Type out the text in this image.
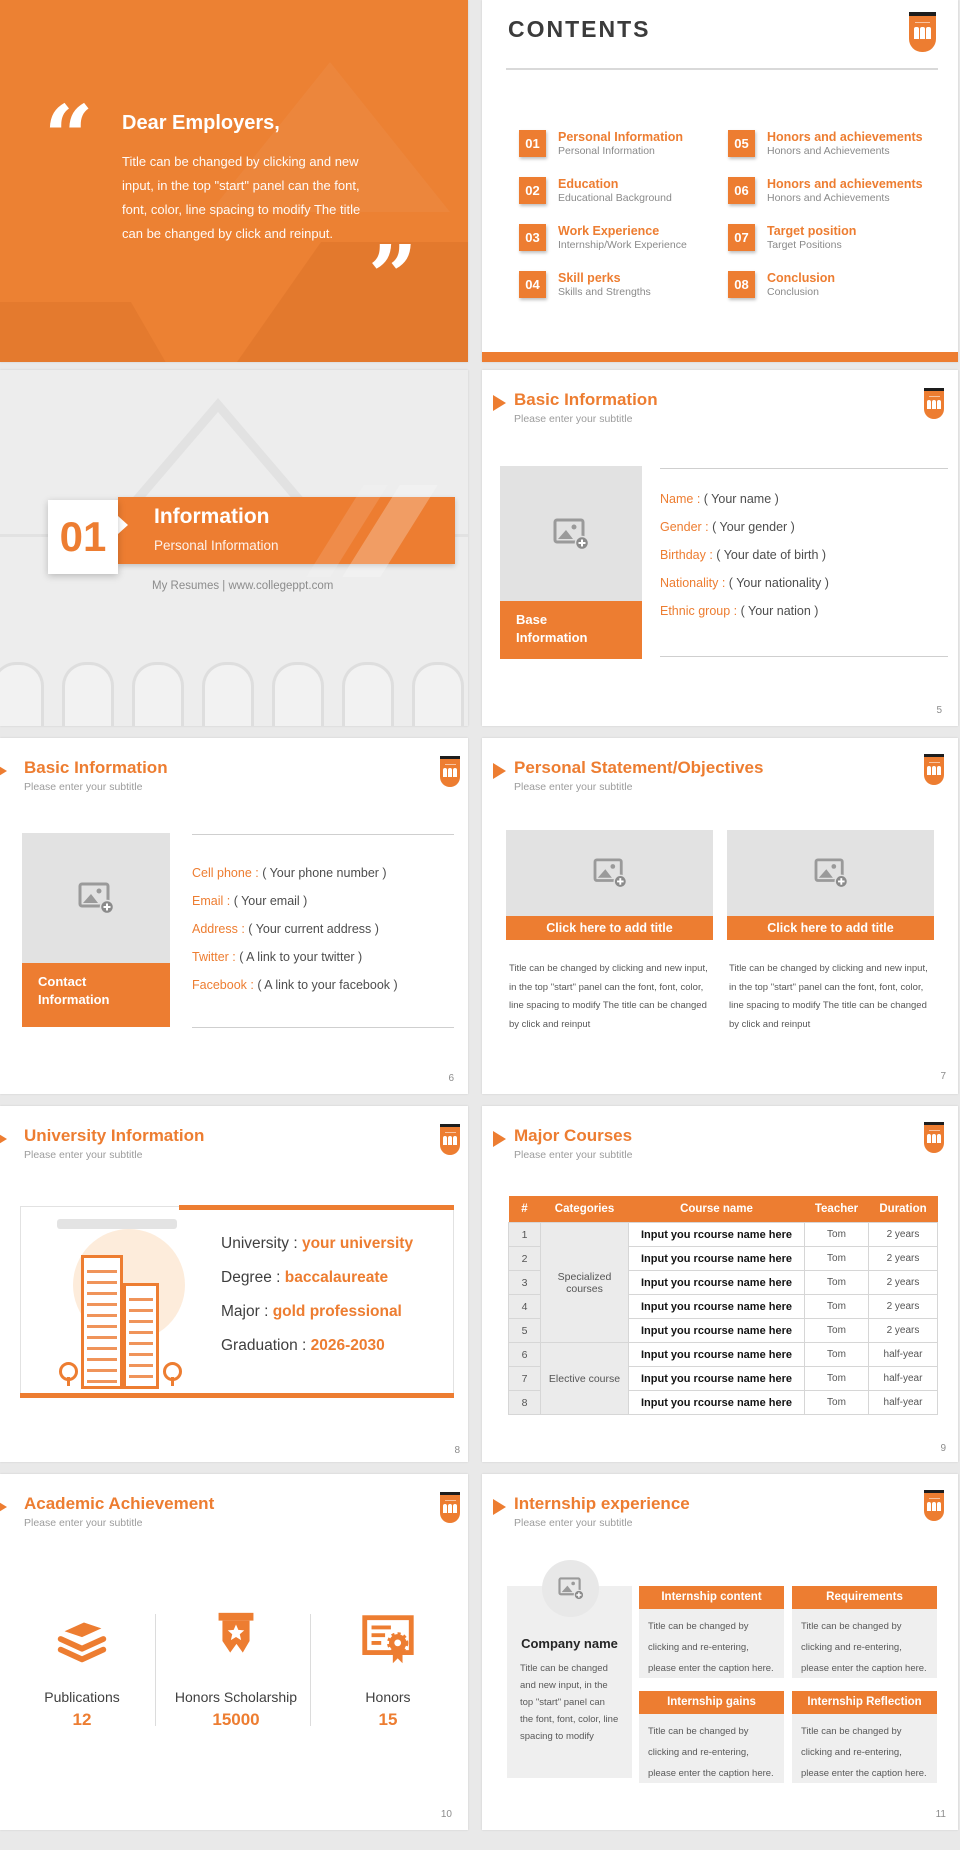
“ Dear Employers,
Title can be changed by clicking and new input, in the top "start" panel can the font, font, color, line spacing to modify The title can be changed by click and reinput. ”
CONTENTS
01	Personal Information
Personal Information
02	Education
Educational Background
03	Work Experience
Internship/Work Experience
04	Skill perks
Skills and Strengths
05	Honors and achievements
Honors and Achievements
06	Honors and achievements
Honors and Achievements
07	Target position
Target Positions
08	Conclusion
Conclusion
01	Information
Personal Information
My Resumes | www.collegeppt.com
Basic Information
Please enter your subtitle
Base
Information
Name : ( Your name )
Gender : ( Your gender )
Birthday : ( Your date of birth )
Nationality : ( Your nationality )
Ethnic group : ( Your nation )
5
Basic Information
Please enter your subtitle
Contact
Information
Cell phone : ( Your phone number )
Email : ( Your email )
Address : ( Your current address )
Twitter : ( A link to your twitter )
Facebook : ( A link to your facebook )
6
Personal Statement/Objectives
Please enter your subtitle
Click here to add title	Click here to add title
Title can be changed by clicking and new input, in the top "start" panel can the font, font, color, line spacing to modify The title can be changed by click and reinput
Title can be changed by clicking and new input, in the top "start" panel can the font, font, color, line spacing to modify The title can be changed by click and reinput
7
University Information
Please enter your subtitle
University : your university
Degree : baccalaureate
Major : gold professional
Graduation : 2026-2030
8
Major Courses
Please enter your subtitle
#	Categories	Course name	Teacher	Duration
1	Specialized courses	Input you rcourse name here	Tom	2 years
2		Input you rcourse name here	Tom	2 years
3		Input you rcourse name here	Tom	2 years
4		Input you rcourse name here	Tom	2 years
5		Input you rcourse name here	Tom	2 years
6	Elective course	Input you rcourse name here	Tom	half-year
7		Input you rcourse name here	Tom	half-year
8		Input you rcourse name here	Tom	half-year
9
Academic Achievement
Please enter your subtitle
Publications
12
Honors Scholarship
15000
Honors
15
10
Internship experience
Please enter your subtitle
Company name
Title can be changed and new input, in the top "start" panel can the font, font, color, line spacing to modify
Internship content
Title can be changed by clicking and re-entering, please enter the caption here.
Requirements
Title can be changed by clicking and re-entering, please enter the caption here.
Internship gains
Title can be changed by clicking and re-entering, please enter the caption here.
Internship Reflection
Title can be changed by clicking and re-entering, please enter the caption here.
11
